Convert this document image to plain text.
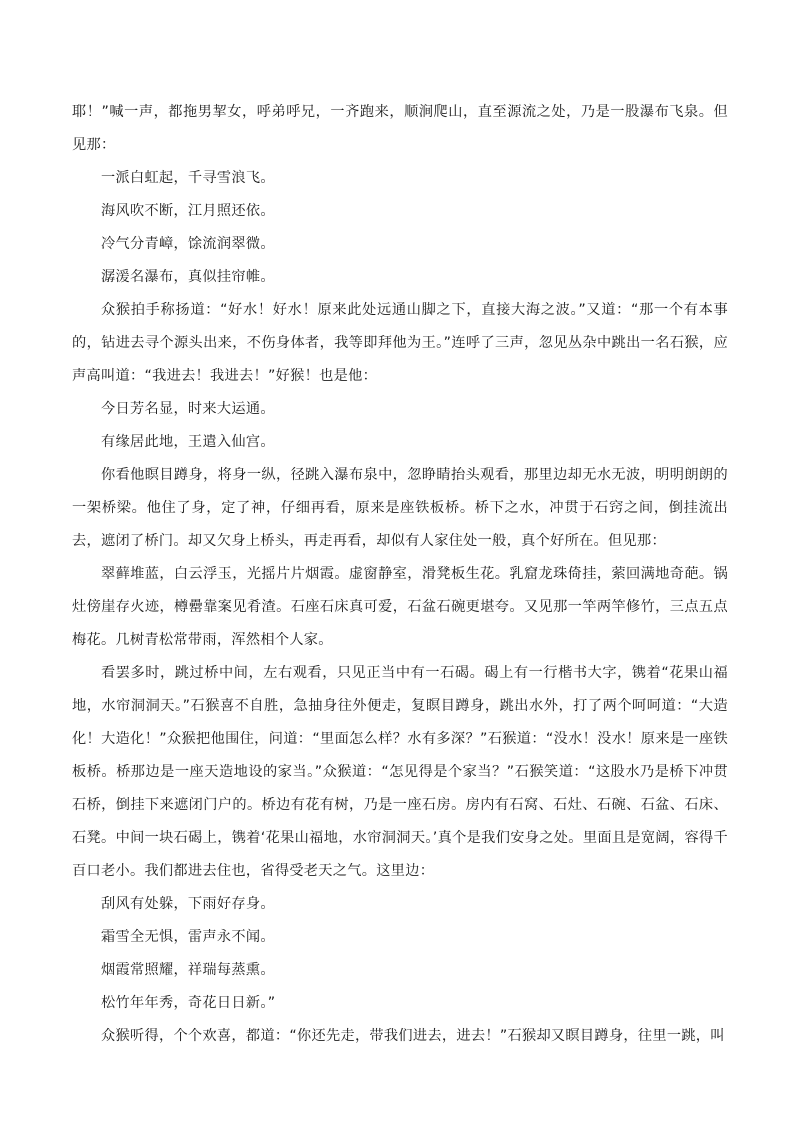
耶！”喊一声，都拖男挈女，呼弟呼兄，一齐跑来，顺涧爬山，直至源流之处，乃是一股瀑布飞泉。但见那：

一派白虹起，千寻雪浪飞。

海风吹不断，江月照还依。

冷气分青嶂，馀流润翠微。

潺湲名瀑布，真似挂帘帷。

众猴拍手称扬道：“好水！好水！原来此处远通山脚之下，直接大海之波。”又道：“那一个有本事的，钻进去寻个源头出来，不伤身体者，我等即拜他为王。”连呼了三声，忽见丛杂中跳出一名石猴，应声高叫道：“我进去！我进去！”好猴！也是他：

今日芳名显，时来大运通。

有缘居此地，王遣入仙宫。

你看他瞑目蹲身，将身一纵，径跳入瀑布泉中，忽睁睛抬头观看，那里边却无水无波，明明朗朗的一架桥梁。他住了身，定了神，仔细再看，原来是座铁板桥。桥下之水，冲贯于石窍之间，倒挂流出去，遮闭了桥门。却又欠身上桥头，再走再看，却似有人家住处一般，真个好所在。但见那：

翠藓堆蓝，白云浮玉，光摇片片烟霞。虚窗静室，滑凳板生花。乳窟龙珠倚挂，萦回满地奇葩。锅灶傍崖存火迹，樽罍靠案见肴渣。石座石床真可爱，石盆石碗更堪夸。又见那一竿两竿修竹，三点五点梅花。几树青松常带雨，浑然相个人家。

看罢多时，跳过桥中间，左右观看，只见正当中有一石碣。碣上有一行楷书大字，镌着“花果山福地，水帘洞洞天。”石猴喜不自胜，急抽身往外便走，复瞑目蹲身，跳出水外，打了两个呵呵道：“大造化！大造化！”众猴把他围住，问道：“里面怎么样？水有多深？”石猴道：“没水！没水！原来是一座铁板桥。桥那边是一座天造地设的家当。”众猴道：“怎见得是个家当？”石猴笑道：“这股水乃是桥下冲贯石桥，倒挂下来遮闭门户的。桥边有花有树，乃是一座石房。房内有石窝、石灶、石碗、石盆、石床、石凳。中间一块石碣上，镌着‘花果山福地，水帘洞洞天。’真个是我们安身之处。里面且是宽阔，容得千百口老小。我们都进去住也，省得受老天之气。这里边：

刮风有处躲，下雨好存身。

霜雪全无惧，雷声永不闻。

烟霞常照耀，祥瑞每蒸熏。

松竹年年秀，奇花日日新。”

众猴听得，个个欢喜，都道：“你还先走，带我们进去，进去！”石猴却又瞑目蹲身，往里一跳，叫
